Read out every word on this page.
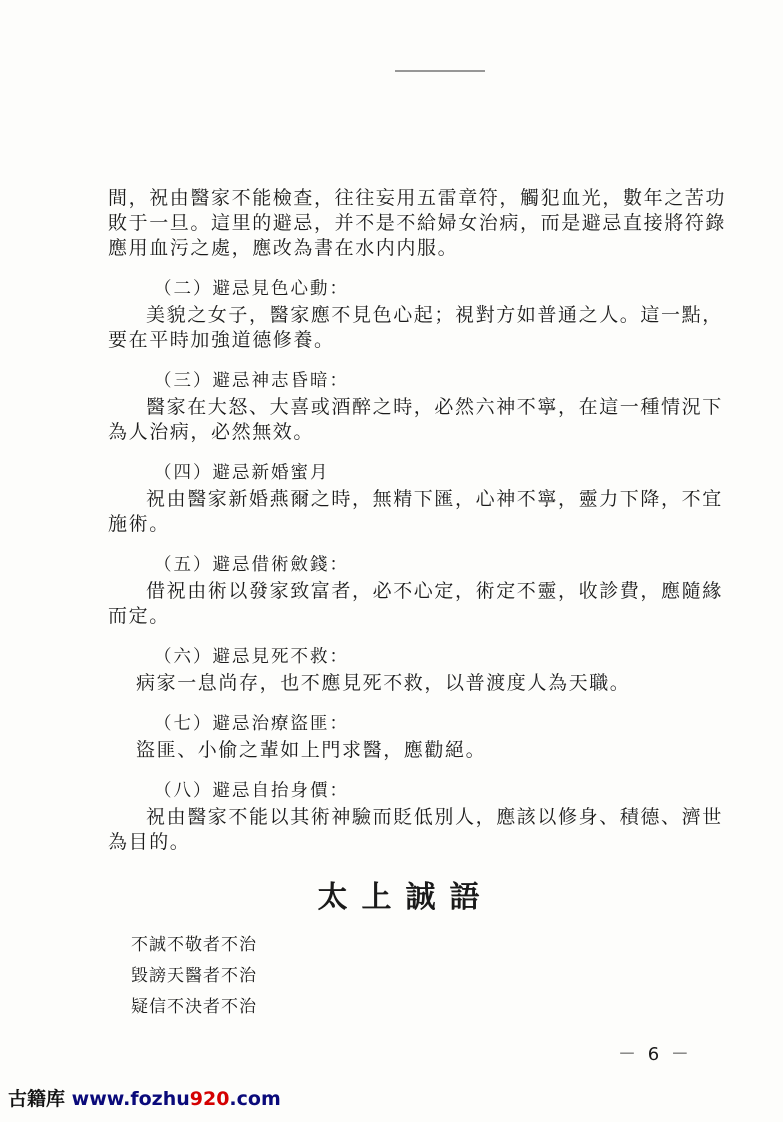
間，祝由醫家不能檢查，往往妄用五雷章符，觸犯血光，數年之苦功
敗于一旦。這里的避忌，并不是不給婦女治病，而是避忌直接將符錄
應用血污之處，應改為書在水内内服。
（二）避忌見色心動：
美貌之女子，醫家應不見色心起；視對方如普通之人。這一點，
要在平時加強道德修養。
（三）避忌神志昏暗：
醫家在大怒、大喜或酒醉之時，必然六神不寧，在這一種情況下
為人治病，必然無效。
（四）避忌新婚蜜月
祝由醫家新婚燕爾之時，無精下匯，心神不寧，靈力下降，不宜
施術。
（五）避忌借術斂錢：
借祝由術以發家致富者，必不心定，術定不靈，收診費，應隨緣
而定。
（六）避忌見死不救：
病家一息尚存，也不應見死不救，以普渡度人為天職。
（七）避忌治療盜匪：
盜匪、小偷之輩如上門求醫，應勸絕。
（八）避忌自抬身價：
祝由醫家不能以其術神驗而貶低別人，應該以修身、積德、濟世
為目的。
太上誠語
不誠不敬者不治
毀謗天醫者不治
疑信不決者不治
－ 6 －
古籍库 www.fozhu920.com
